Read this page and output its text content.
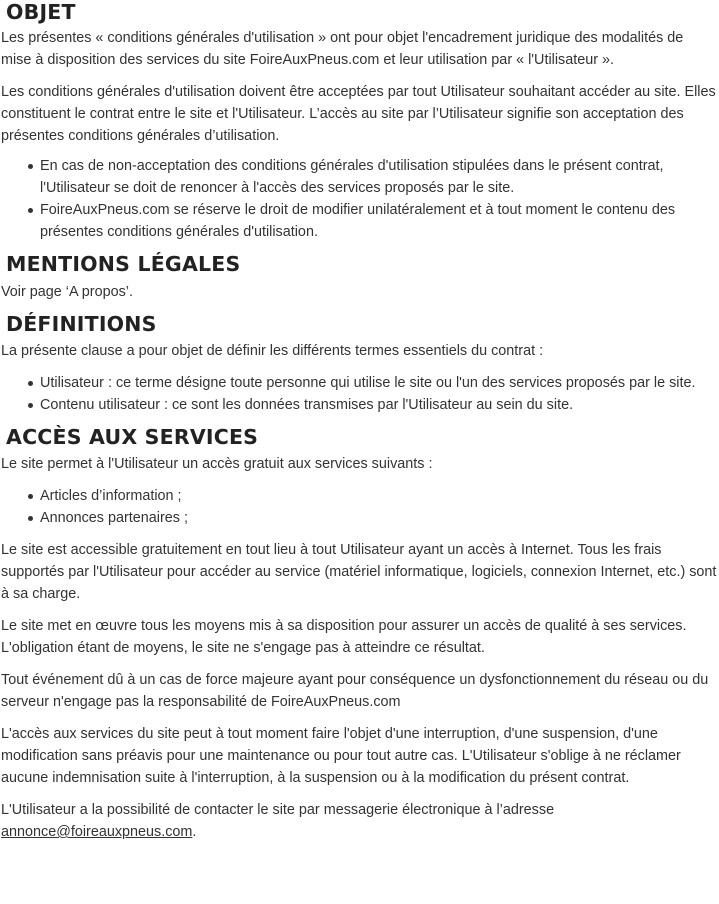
OBJET

Les présentes « conditions générales d'utilisation » ont pour objet l'encadrement juridique des modalités de mise à disposition des services du site FoireAuxPneus.com et leur utilisation par « l'Utilisateur ».

Les conditions générales d'utilisation doivent être acceptées par tout Utilisateur souhaitant accéder au site. Elles constituent le contrat entre le site et l'Utilisateur. L’accès au site par l’Utilisateur signifie son acceptation des présentes conditions générales d’utilisation.

En cas de non-acceptation des conditions générales d'utilisation stipulées dans le présent contrat, l'Utilisateur se doit de renoncer à l'accès des services proposés par le site.
FoireAuxPneus.com se réserve le droit de modifier unilatéralement et à tout moment le contenu des présentes conditions générales d'utilisation.
MENTIONS LÉGALES

Voir page ‘A propos’.

DÉFINITIONS

La présente clause a pour objet de définir les différents termes essentiels du contrat :

Utilisateur : ce terme désigne toute personne qui utilise le site ou l'un des services proposés par le site.
Contenu utilisateur : ce sont les données transmises par l'Utilisateur au sein du site.
ACCÈS AUX SERVICES

Le site permet à l'Utilisateur un accès gratuit aux services suivants :

Articles d’information ;
Annonces partenaires ;

Le site est accessible gratuitement en tout lieu à tout Utilisateur ayant un accès à Internet. Tous les frais supportés par l'Utilisateur pour accéder au service (matériel informatique, logiciels, connexion Internet, etc.) sont à sa charge.

Le site met en œuvre tous les moyens mis à sa disposition pour assurer un accès de qualité à ses services. L'obligation étant de moyens, le site ne s'engage pas à atteindre ce résultat.

Tout événement dû à un cas de force majeure ayant pour conséquence un dysfonctionnement du réseau ou du serveur n'engage pas la responsabilité de FoireAuxPneus.com

L'accès aux services du site peut à tout moment faire l'objet d'une interruption, d'une suspension, d'une modification sans préavis pour une maintenance ou pour tout autre cas. L'Utilisateur s'oblige à ne réclamer aucune indemnisation suite à l'interruption, à la suspension ou à la modification du présent contrat.

L'Utilisateur a la possibilité de contacter le site par messagerie électronique à l’adresse annonce@foireauxpneus.com.
